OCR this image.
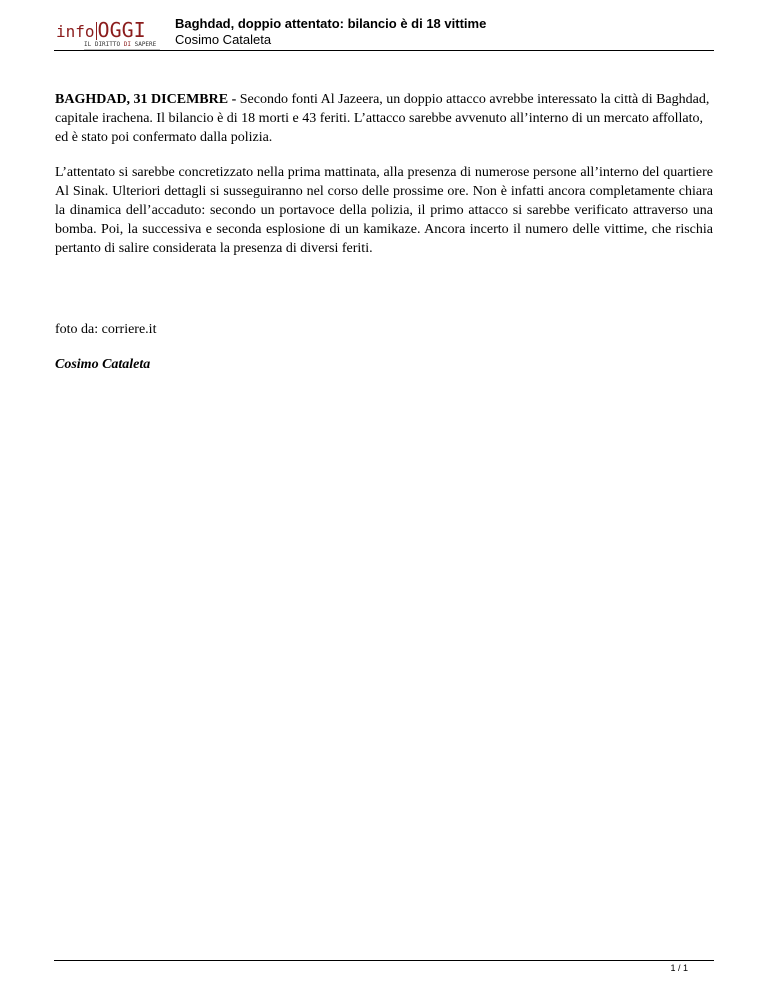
info OGGI
IL DIRITTO DI SAPERE
Baghdad, doppio attentato: bilancio è di 18 vittime
Cosimo Cataleta

BAGHDAD, 31 DICEMBRE - Secondo fonti Al Jazeera, un doppio attacco avrebbe interessato la città di Baghdad, capitale irachena. Il bilancio è di 18 morti e 43 feriti. L’attacco sarebbe avvenuto all’interno di un mercato affollato, ed è stato poi confermato dalla polizia.

L’attentato si sarebbe concretizzato nella prima mattinata, alla presenza di numerose persone all’interno del quartiere Al Sinak. Ulteriori dettagli si susseguiranno nel corso delle prossime ore. Non è infatti ancora completamente chiara la dinamica dell’accaduto: secondo un portavoce della polizia, il primo attacco si sarebbe verificato attraverso una bomba. Poi, la successiva e seconda esplosione di un kamikaze. Ancora incerto il numero delle vittime, che rischia pertanto di salire considerata la presenza di diversi feriti.

foto da: corriere.it
Cosimo Cataleta
1 / 1
